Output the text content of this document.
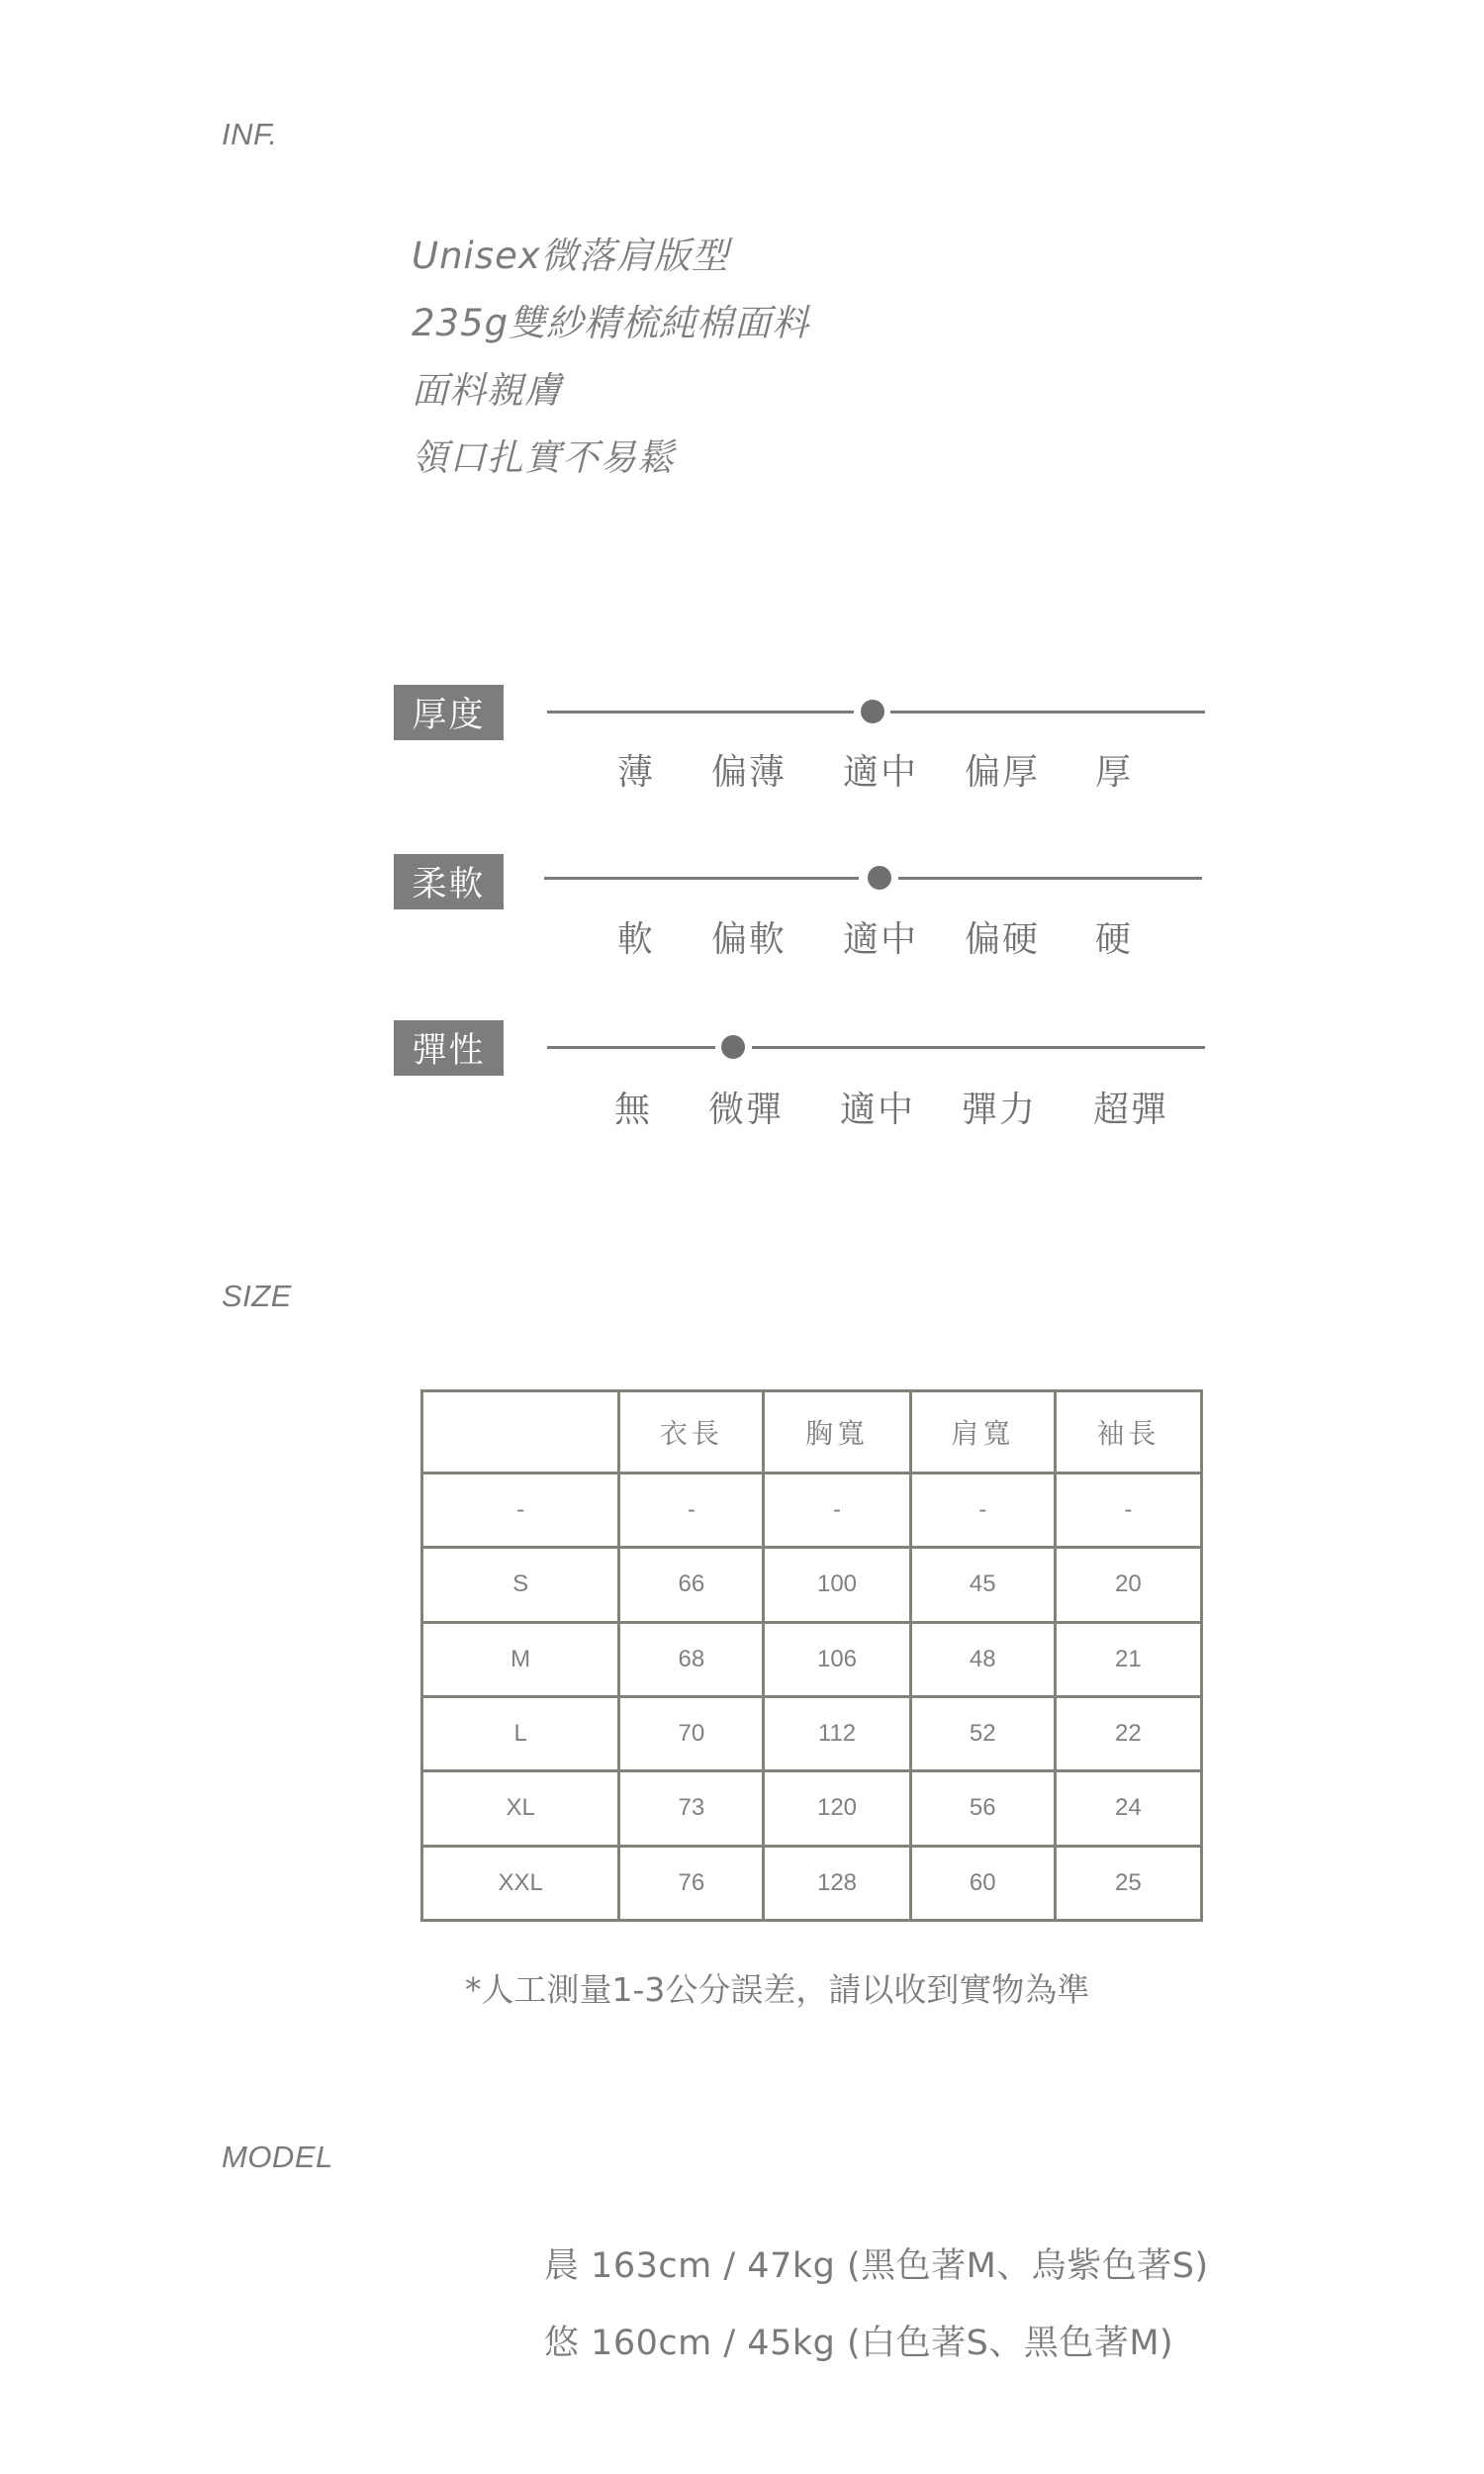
INF.
Unisex微落肩版型
235g雙紗精梳純棉面料
面料親膚
領口扎實不易鬆
厚度
薄	偏薄	適中	偏厚	厚
柔軟
軟	偏軟	適中	偏硬	硬
彈性
無	微彈	適中	彈力	超彈
SIZE
	衣長	胸寬	肩寬	袖長
-	-	-	-	-
S	66	100	45	20
M	68	106	48	21
L	70	112	52	22
XL	73	120	56	24
XXL	76	128	60	25
*人工測量1-3公分誤差，請以收到實物為準
MODEL
晨 163cm / 47kg (黑色著M、烏紫色著S)
悠 160cm / 45kg (白色著S、黑色著M)
